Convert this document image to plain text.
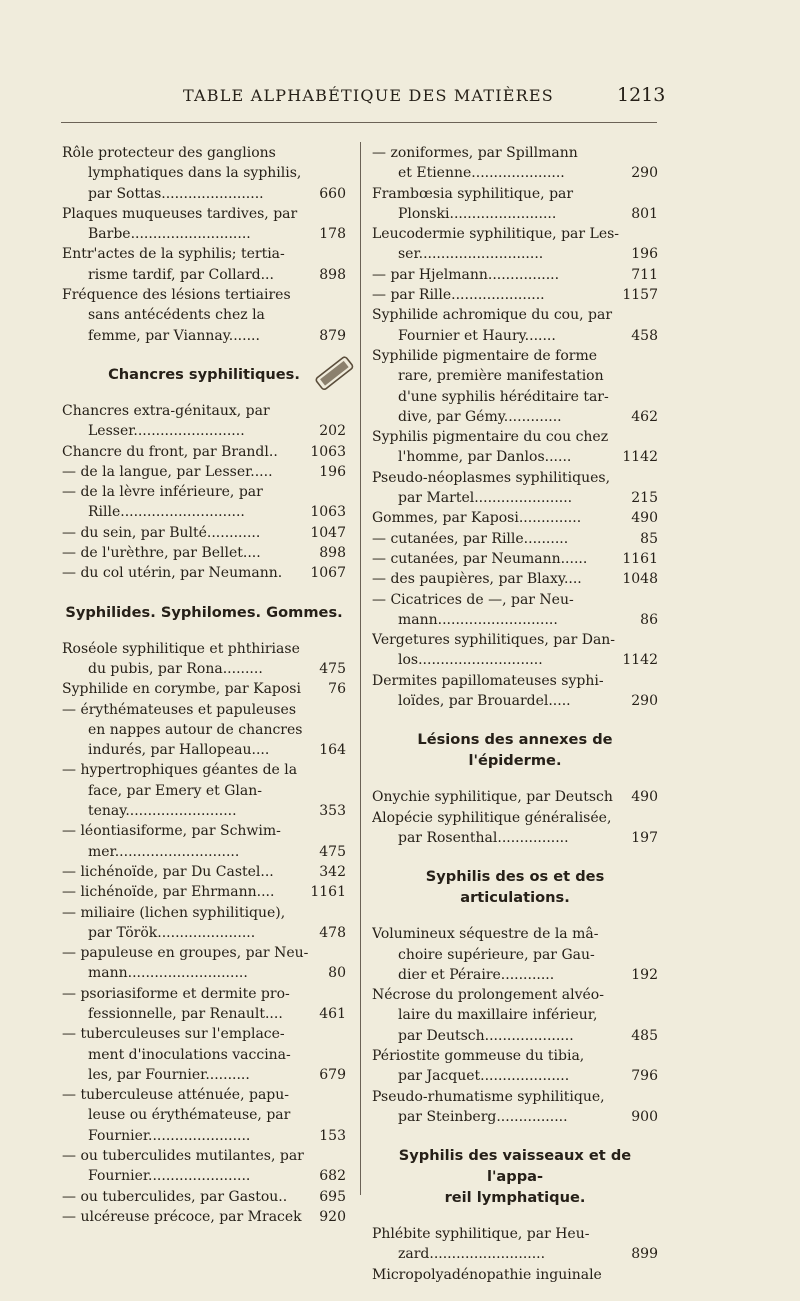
TABLE ALPHABÉTIQUE DES MATIÈRES	1213
Rôle protecteur des ganglions
lymphatiques dans la syphilis,
par Sottas.......................	660
Plaques muqueuses tardives, par
Barbe...........................	178
Entr'actes de la syphilis; tertia-
risme tardif, par Collard...	898
Fréquence des lésions tertiaires
sans antécédents chez la
femme, par Viannay.......	879
Chancres syphilitiques.
Chancres extra-génitaux, par
Lesser.........................	202
Chancre du front, par Brandl..	1063
— de la langue, par Lesser.....	196
— de la lèvre inférieure, par
Rille............................	1063
— du sein, par Bulté............	1047
— de l'urèthre, par Bellet....	898
— du col utérin, par Neumann.	1067
Syphilides. Syphilomes. Gommes.
Roséole syphilitique et phthiriase
du pubis, par Rona.........	475
Syphilide en corymbe, par Kaposi	76
— érythémateuses et papuleuses
en nappes autour de chancres
indurés, par Hallopeau....	164
— hypertrophiques géantes de la
face, par Emery et Glan-
tenay.........................	353
— léontiasiforme, par Schwim-
mer............................	475
— lichénoïde, par Du Castel...	342
— lichénoïde, par Ehrmann....	1161
— miliaire (lichen syphilitique),
par Török......................	478
— papuleuse en groupes, par Neu-
mann...........................	80
— psoriasiforme et dermite pro-
fessionnelle, par Renault....	461
— tuberculeuses sur l'emplace-
ment d'inoculations vaccina-
les, par Fournier..........	679
— tuberculeuse atténuée, papu-
leuse ou érythémateuse, par
Fournier.......................	153
— ou tuberculides mutilantes, par
Fournier.......................	682
— ou tuberculides, par Gastou..	695
— ulcéreuse précoce, par Mracek	920
— zoniformes, par Spillmann
et Etienne.....................	290
Frambœsia syphilitique, par
Plonski........................	801
Leucodermie syphilitique, par Les-
ser............................	196
— par Hjelmann................	711
— par Rille.....................	1157
Syphilide achromique du cou, par
Fournier et Haury.......	458
Syphilide pigmentaire de forme
rare, première manifestation
d'une syphilis héréditaire tar-
dive, par Gémy.............	462
Syphilis pigmentaire du cou chez
l'homme, par Danlos......	1142
Pseudo-néoplasmes syphilitiques,
par Martel......................	215
Gommes, par Kaposi..............	490
— cutanées, par Rille..........	85
— cutanées, par Neumann......	1161
— des paupières, par Blaxy....	1048
— Cicatrices de —, par Neu-
mann...........................	86
Vergetures syphilitiques, par Dan-
los............................	1142
Dermites papillomateuses syphi-
loïdes, par Brouardel.....	290
Lésions des annexes de l'épiderme.
Onychie syphilitique, par Deutsch	490
Alopécie syphilitique généralisée,
par Rosenthal................	197
Syphilis des os et des articulations.
Volumineux séquestre de la mâ-
choire supérieure, par Gau-
dier et Péraire............	192
Nécrose du prolongement alvéo-
laire du maxillaire inférieur,
par Deutsch....................	485
Périostite gommeuse du tibia,
par Jacquet....................	796
Pseudo-rhumatisme syphilitique,
par Steinberg................	900
Syphilis des vaisseaux et de l'appa-
reil lymphatique.
Phlébite syphilitique, par Heu-
zard..........................	899
Micropolyadénopathie inguinale
